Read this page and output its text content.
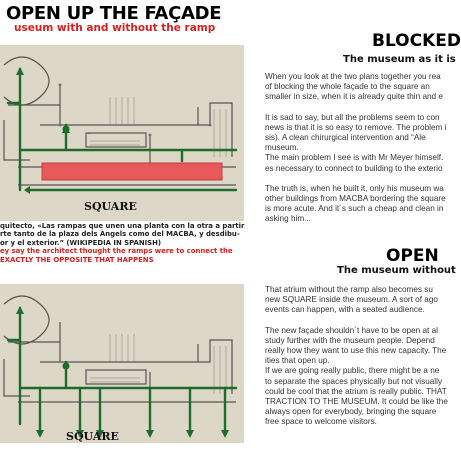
OPEN UP THE FAÇADE
useum with and without the ramp
···
SQUARE
quitecto, «Las rampas que unen una planta con la otra a partir
rte tanto de la plaza dels Àngels como del MACBA, y desdibu-
or y el exterior.” (WIKIPEDIA IN SPANISH)
ey say the architect thought the ramps were to connect the
EXACTLY THE OPPOSITE THAT HAPPENS
SQUARE
BLOCKED
The museum as it is

When you look at the two plans together you rea

of blocking the whole façade to the square an

smaller in size, when it is already quite thin and e

It is sad to say, but all the problems seem to con

news is that it is so easy to remove. The problem i

sis). A clean chirurgical intervention and “Ale

museum.

The main problem I see is with Mr Meyer himself.

es necessary to connect to building to the exterio

The truth is, when he built it, only his museum wa

other buildings from MACBA bordering the square

is more acute. And it´s such a cheap and clean in

asking him...

OPEN
The museum without

That atrium without the ramp also becomes su

new SQUARE inside the museum. A sort of ago

events can happen, with a seated audience.

The new façade shouldn´t have to be open at al

study further with the museum people. Depend

really how they want to use this new capacity. The

ities that open up.

If we are going really public, there might be a ne

to separate the spaces physically but not visually

could be cool that the atrium is really public. THAT

TRACTION TO THE MUSEUM. It could be like the

always open for everybody, bringing the square

free space to welcome visitors.
